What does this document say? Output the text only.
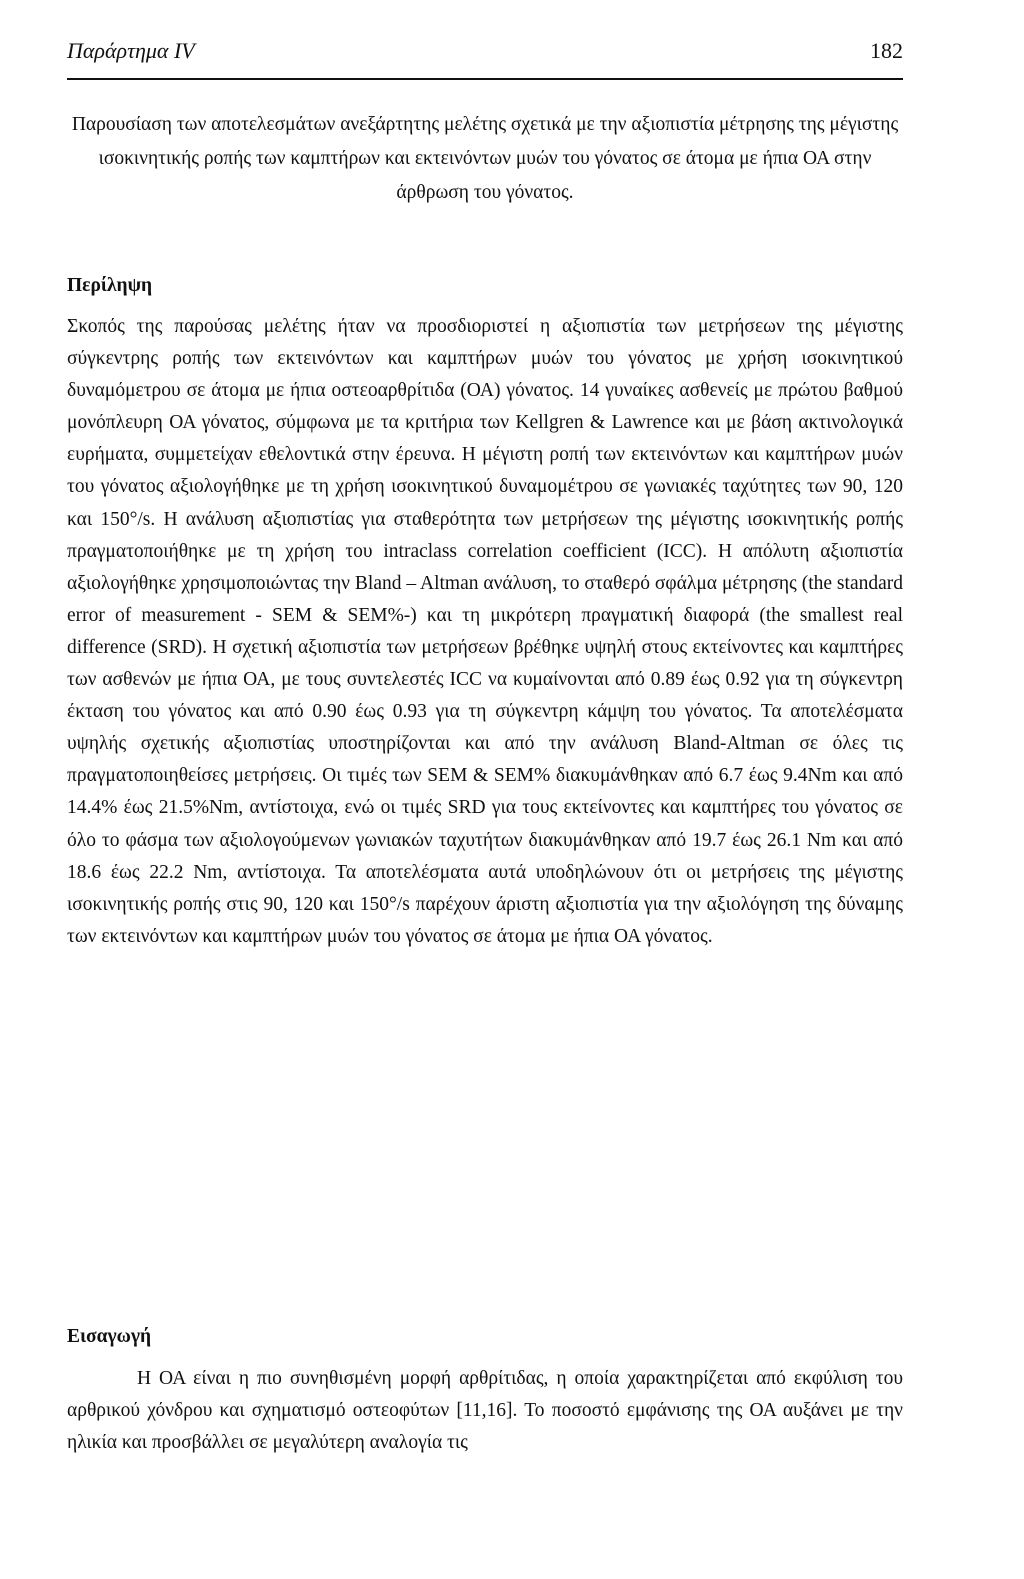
Παράρτημα IV	182
Παρουσίαση των αποτελεσμάτων ανεξάρτητης μελέτης σχετικά με την αξιοπιστία μέτρησης της μέγιστης ισοκινητικής ροπής των καμπτήρων και εκτεινόντων μυών του γόνατος σε άτομα με ήπια ΟΑ στην άρθρωση του γόνατος.
Περίληψη
Σκοπός της παρούσας μελέτης ήταν να προσδιοριστεί η αξιοπιστία των μετρήσεων της μέγιστης σύγκεντρης ροπής των εκτεινόντων και καμπτήρων μυών του γόνατος με χρήση ισοκινητικού δυναμόμετρου σε άτομα με ήπια οστεοαρθρίτιδα (ΟΑ) γόνατος. 14 γυναίκες ασθενείς με πρώτου βαθμού μονόπλευρη ΟΑ γόνατος, σύμφωνα με τα κριτήρια των Kellgren & Lawrence και με βάση ακτινολογικά ευρήματα, συμμετείχαν εθελοντικά στην έρευνα. Η μέγιστη ροπή των εκτεινόντων και καμπτήρων μυών του γόνατος αξιολογήθηκε με τη χρήση ισοκινητικού δυναμομέτρου σε γωνιακές ταχύτητες των 90, 120 και 150°/s. Η ανάλυση αξιοπιστίας για σταθερότητα των μετρήσεων της μέγιστης ισοκινητικής ροπής πραγματοποιήθηκε με τη χρήση του intraclass correlation coefficient (ICC). Η απόλυτη αξιοπιστία αξιολογήθηκε χρησιμοποιώντας την Bland – Altman ανάλυση, το σταθερό σφάλμα μέτρησης (the standard error of measurement - SEM & SEM%-) και τη μικρότερη πραγματική διαφορά (the smallest real difference (SRD). Η σχετική αξιοπιστία των μετρήσεων βρέθηκε υψηλή στους εκτείνοντες και καμπτήρες των ασθενών με ήπια ΟΑ, με τους συντελεστές ICC να κυμαίνονται από 0.89 έως 0.92 για τη σύγκεντρη έκταση του γόνατος και από 0.90 έως 0.93 για τη σύγκεντρη κάμψη του γόνατος. Τα αποτελέσματα υψηλής σχετικής αξιοπιστίας υποστηρίζονται και από την ανάλυση Bland-Altman σε όλες τις πραγματοποιηθείσες μετρήσεις. Οι τιμές των SEM & SEM% διακυμάνθηκαν από 6.7 έως 9.4Nm και από 14.4% έως 21.5%Nm, αντίστοιχα, ενώ οι τιμές SRD για τους εκτείνοντες και καμπτήρες του γόνατος σε όλο το φάσμα των αξιολογούμενων γωνιακών ταχυτήτων διακυμάνθηκαν από 19.7 έως 26.1 Nm και από 18.6 έως 22.2 Nm, αντίστοιχα. Τα αποτελέσματα αυτά υποδηλώνουν ότι οι μετρήσεις της μέγιστης ισοκινητικής ροπής στις 90, 120 και 150°/s παρέχουν άριστη αξιοπιστία για την αξιολόγηση της δύναμης των εκτεινόντων και καμπτήρων μυών του γόνατος σε άτομα με ήπια ΟΑ γόνατος.
Εισαγωγή
Η ΟΑ είναι η πιο συνηθισμένη μορφή αρθρίτιδας, η οποία χαρακτηρίζεται από εκφύλιση του αρθρικού χόνδρου και σχηματισμό οστεοφύτων [11,16]. Το ποσοστό εμφάνισης της ΟΑ αυξάνει με την ηλικία και προσβάλλει σε μεγαλύτερη αναλογία τις
